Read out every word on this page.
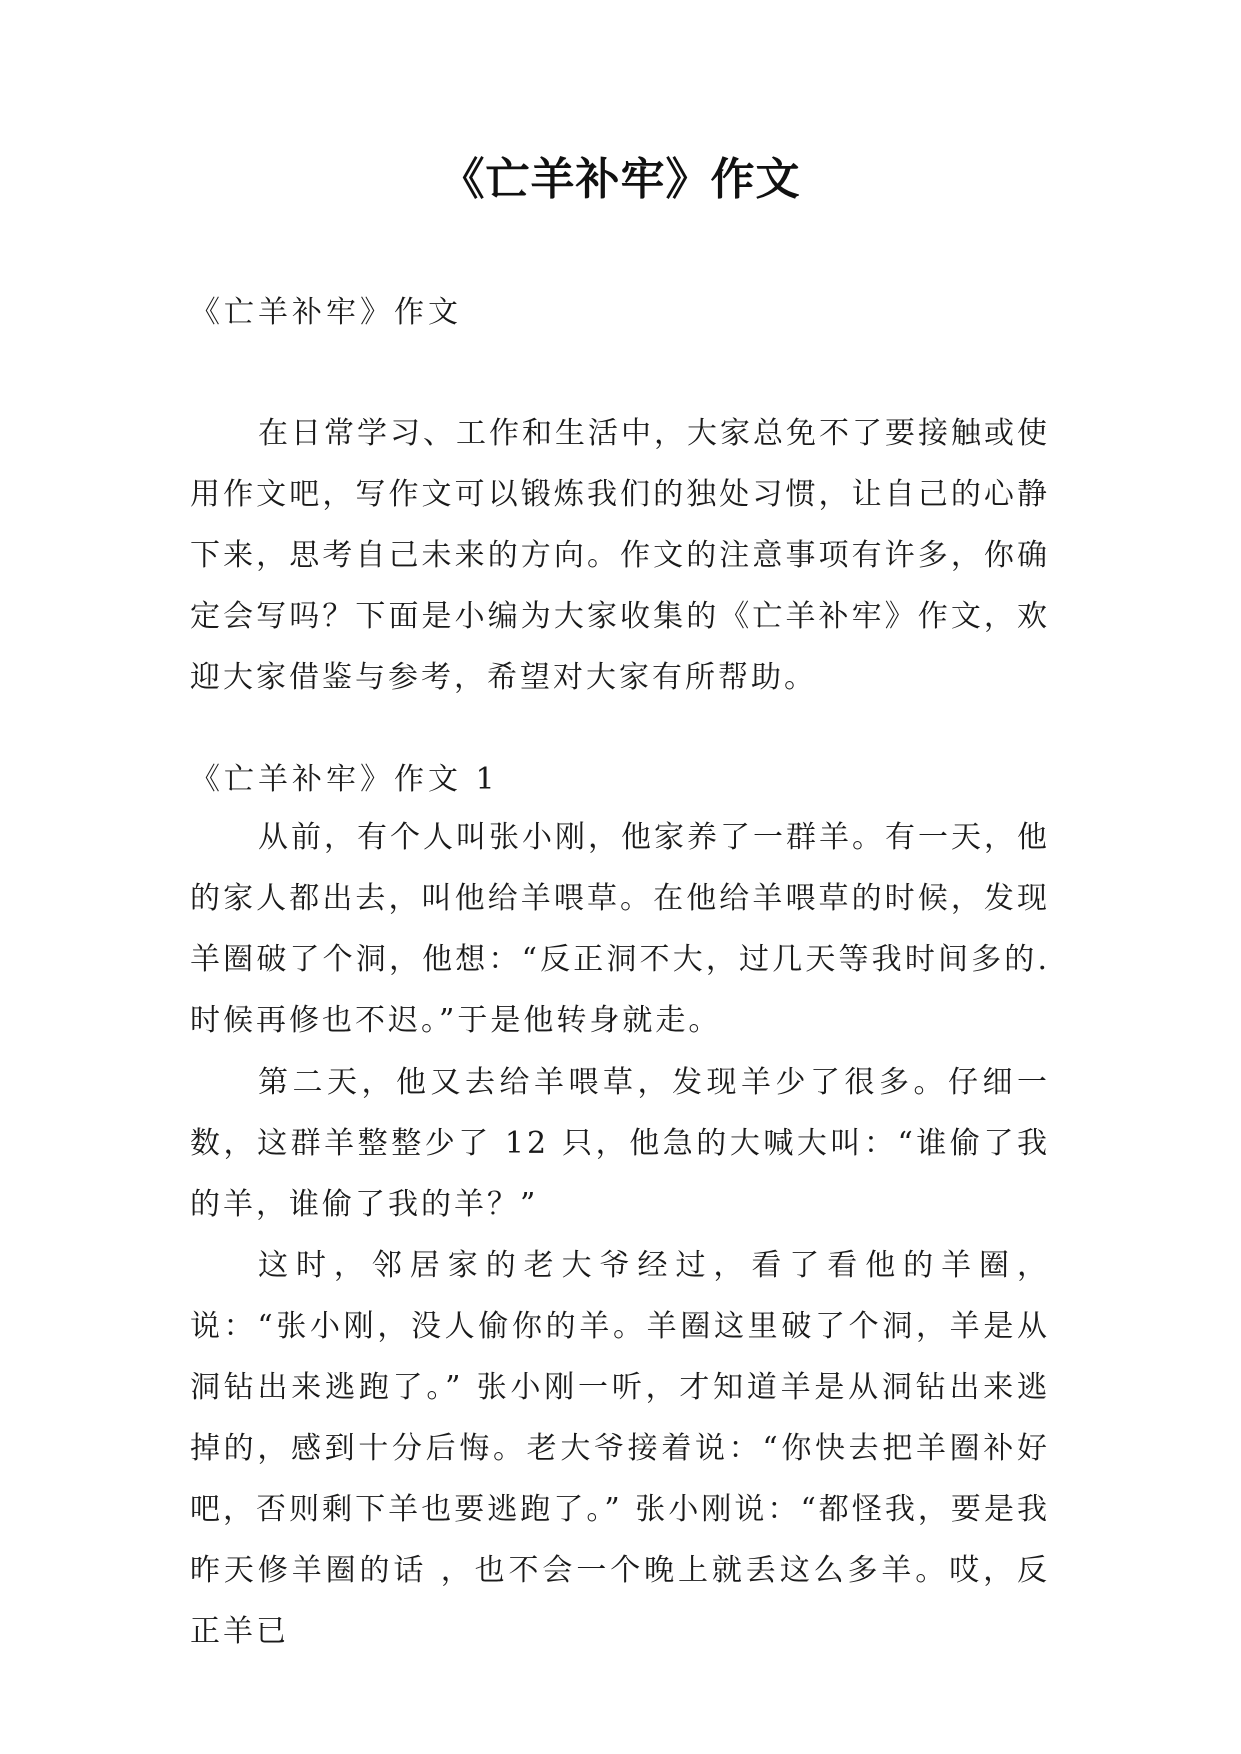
《亡羊补牢》作文
《亡羊补牢》作文

在日常学习、工作和生活中，大家总免不了要接触或使用作文吧，写作文可以锻炼我们的独处习惯，让自己的心静下来，思考自己未来的方向。作文的注意事项有许多，你确定会写吗？下面是小编为大家收集的《亡羊补牢》作文，欢迎大家借鉴与参考，希望对大家有所帮助。

《亡羊补牢》作文 1

从前，有个人叫张小刚，他家养了一群羊。有一天，他的家人都出去，叫他给羊喂草。在他给羊喂草的时候，发现羊圈破了个洞，他想：“反正洞不大，过几天等我时间多的.时候再修也不迟。”于是他转身就走。

第二天，他又去给羊喂草，发现羊少了很多。仔细一数，这群羊整整少了 12 只，他急的大喊大叫：“谁偷了我的羊，谁偷了我的羊？”

这时，邻居家的老大爷经过，看了看他的羊圈，说：“张小刚，没人偷你的羊。羊圈这里破了个洞，羊是从洞钻出来逃跑了。” 张小刚一听，才知道羊是从洞钻出来逃掉的，感到十分后悔。老大爷接着说：“你快去把羊圈补好吧，否则剩下羊也要逃跑了。” 张小刚说：“都怪我，要是我昨天修羊圈的话 ，也不会一个晚上就丢这么多羊。哎，反正羊已
